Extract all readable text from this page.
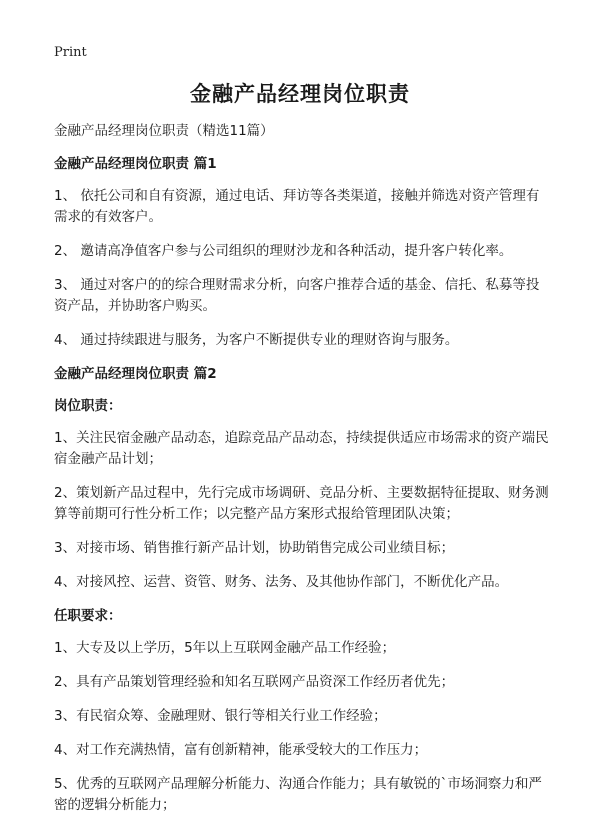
Print
金融产品经理岗位职责

金融产品经理岗位职责（精选11篇）

金融产品经理岗位职责 篇1

1、 依托公司和自有资源，通过电话、拜访等各类渠道，接触并筛选对资产管理有需求的有效客户。

2、 邀请高净值客户参与公司组织的理财沙龙和各种活动，提升客户转化率。

3、 通过对客户的的综合理财需求分析，向客户推荐合适的基金、信托、私募等投资产品，并协助客户购买。

4、 通过持续跟进与服务，为客户不断提供专业的理财咨询与服务。

金融产品经理岗位职责 篇2

岗位职责：

1、关注民宿金融产品动态，追踪竞品产品动态，持续提供适应市场需求的资产端民宿金融产品计划；

2、策划新产品过程中，先行完成市场调研、竞品分析、主要数据特征提取、财务测算等前期可行性分析工作；以完整产品方案形式报给管理团队决策；

3、对接市场、销售推行新产品计划，协助销售完成公司业绩目标；

4、对接风控、运营、资管、财务、法务、及其他协作部门，不断优化产品。

任职要求：

1、大专及以上学历，5年以上互联网金融产品工作经验；

2、具有产品策划管理经验和知名互联网产品资深工作经历者优先；

3、有民宿众筹、金融理财、银行等相关行业工作经验；

4、对工作充满热情，富有创新精神，能承受较大的工作压力；

5、优秀的互联网产品理解分析能力、沟通合作能力；具有敏锐的`市场洞察力和严密的逻辑分析能力；
